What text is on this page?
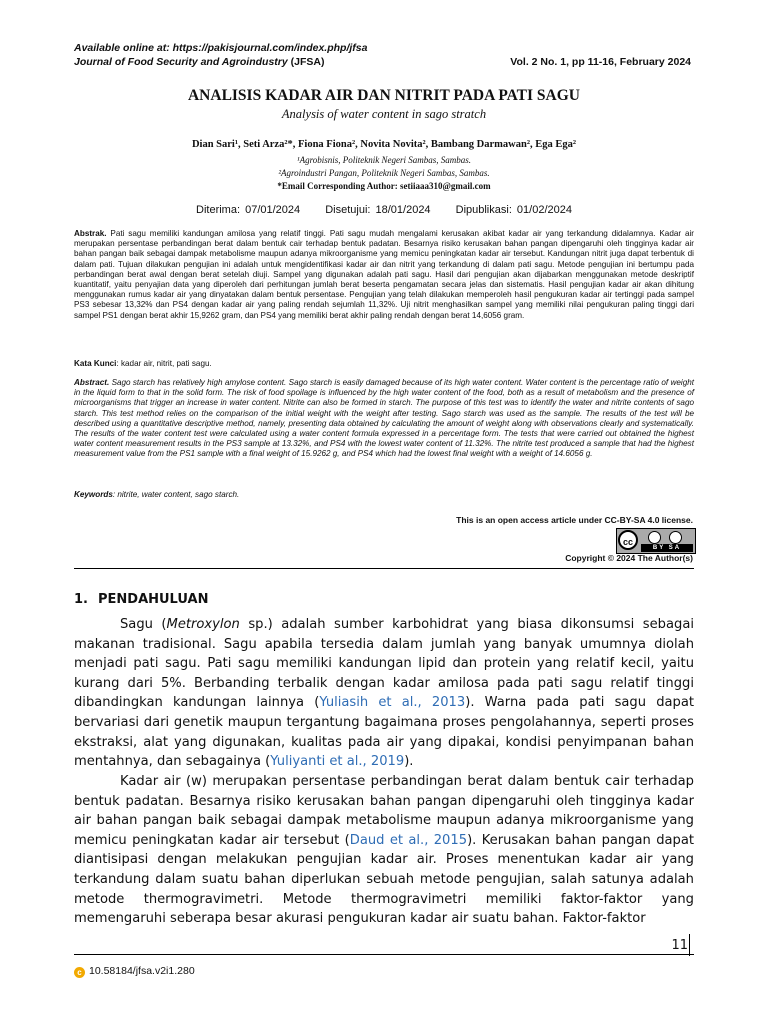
Available online at: https://pakisjournal.com/index.php/jfsa
Journal of Food Security and Agroindustry (JFSA)	Vol. 2 No. 1, pp 11-16, February 2024
ANALISIS KADAR AIR DAN NITRIT PADA PATI SAGU
Analysis of water content in sago stratch
Dian Sari¹, Seti Arza²*, Fiona Fiona², Novita Novita², Bambang Darmawan², Ega Ega²
¹Agrobisnis, Politeknik Negeri Sambas, Sambas.
²Agroindustri Pangan, Politeknik Negeri Sambas, Sambas.
*Email Corresponding Author: setiiaaa310@gmail.com
Diterima: 07/01/2024 Disetujui: 18/01/2024 Dipublikasi: 01/02/2024
Abstrak. Pati sagu memiliki kandungan amilosa yang relatif tinggi. Pati sagu mudah mengalami kerusakan akibat kadar air yang terkandung didalamnya. Kadar air merupakan persentase perbandingan berat dalam bentuk cair terhadap bentuk padatan. Besarnya risiko kerusakan bahan pangan dipengaruhi oleh tingginya kadar air bahan pangan baik sebagai dampak metabolisme maupun adanya mikroorganisme yang memicu peningkatan kadar air tersebut. Kandungan nitrit juga dapat terbentuk di dalam pati. Tujuan dilakukan pengujian ini adalah untuk mengidentifikasi kadar air dan nitrit yang terkandung di dalam pati sagu. Metode pengujian ini bertumpu pada perbandingan berat awal dengan berat setelah diuji. Sampel yang digunakan adalah pati sagu. Hasil dari pengujian akan dijabarkan menggunakan metode deskriptif kuantitatif, yaitu penyajian data yang diperoleh dari perhitungan jumlah berat beserta pengamatan secara jelas dan sistematis. Hasil pengujian kadar air akan dihitung menggunakan rumus kadar air yang dinyatakan dalam bentuk persentase. Pengujian yang telah dilakukan memperoleh hasil pengukuran kadar air tertinggi pada sampel PS3 sebesar 13,32% dan PS4 dengan kadar air yang paling rendah sejumlah 11,32%. Uji nitrit menghasilkan sampel yang memiliki nilai pengukuran paling tinggi dari sampel PS1 dengan berat akhir 15,9262 gram, dan PS4 yang memiliki berat akhir paling rendah dengan berat 14,6056 gram.
Kata Kunci: kadar air, nitrit, pati sagu.
Abstract. Sago starch has relatively high amylose content. Sago starch is easily damaged because of its high water content. Water content is the percentage ratio of weight in the liquid form to that in the solid form. The risk of food spoilage is influenced by the high water content of the food, both as a result of metabolism and the presence of microorganisms that trigger an increase in water content. Nitrite can also be formed in starch. The purpose of this test was to identify the water and nitrite contents of sago starch. This test method relies on the comparison of the initial weight with the weight after testing. Sago starch was used as the sample. The results of the test will be described using a quantitative descriptive method, namely, presenting data obtained by calculating the amount of weight along with observations clearly and systematically. The results of the water content test were calculated using a water content formula expressed in a percentage form. The tests that were carried out obtained the highest water content measurement results in the PS3 sample at 13.32%, and PS4 with the lowest water content of 11.32%. The nitrite test produced a sample that had the highest measurement value from the PS1 sample with a final weight of 15.9262 g, and PS4 which had the lowest final weight with a weight of 14.6056 g.
Keywords: nitrite, water content, sago starch.
This is an open access article under CC-BY-SA 4.0 license.
cc
BY SA
Copyright © 2024 The Author(s)
1. PENDAHULUAN
Sagu (Metroxylon sp.) adalah sumber karbohidrat yang biasa dikonsumsi sebagai makanan tradisional. Sagu apabila tersedia dalam jumlah yang banyak umumnya diolah menjadi pati sagu. Pati sagu memiliki kandungan lipid dan protein yang relatif kecil, yaitu kurang dari 5%. Berbanding terbalik dengan kadar amilosa pada pati sagu relatif tinggi dibandingkan kandungan lainnya (Yuliasih et al., 2013). Warna pada pati sagu dapat bervariasi dari genetik maupun tergantung bagaimana proses pengolahannya, seperti proses ekstraksi, alat yang digunakan, kualitas pada air yang dipakai, kondisi penyimpanan bahan mentahnya, dan sebagainya (Yuliyanti et al., 2019).
Kadar air (w) merupakan persentase perbandingan berat dalam bentuk cair terhadap bentuk padatan. Besarnya risiko kerusakan bahan pangan dipengaruhi oleh tingginya kadar air bahan pangan baik sebagai dampak metabolisme maupun adanya mikroorganisme yang memicu peningkatan kadar air tersebut (Daud et al., 2015). Kerusakan bahan pangan dapat diantisipasi dengan melakukan pengujian kadar air. Proses menentukan kadar air yang terkandung dalam suatu bahan diperlukan sebuah metode pengujian, salah satunya adalah metode thermogravimetri. Metode thermogravimetri memiliki faktor-faktor yang memengaruhi seberapa besar akurasi pengukuran kadar air suatu bahan. Faktor-faktor
11
c 10.58184/jfsa.v2i1.280
